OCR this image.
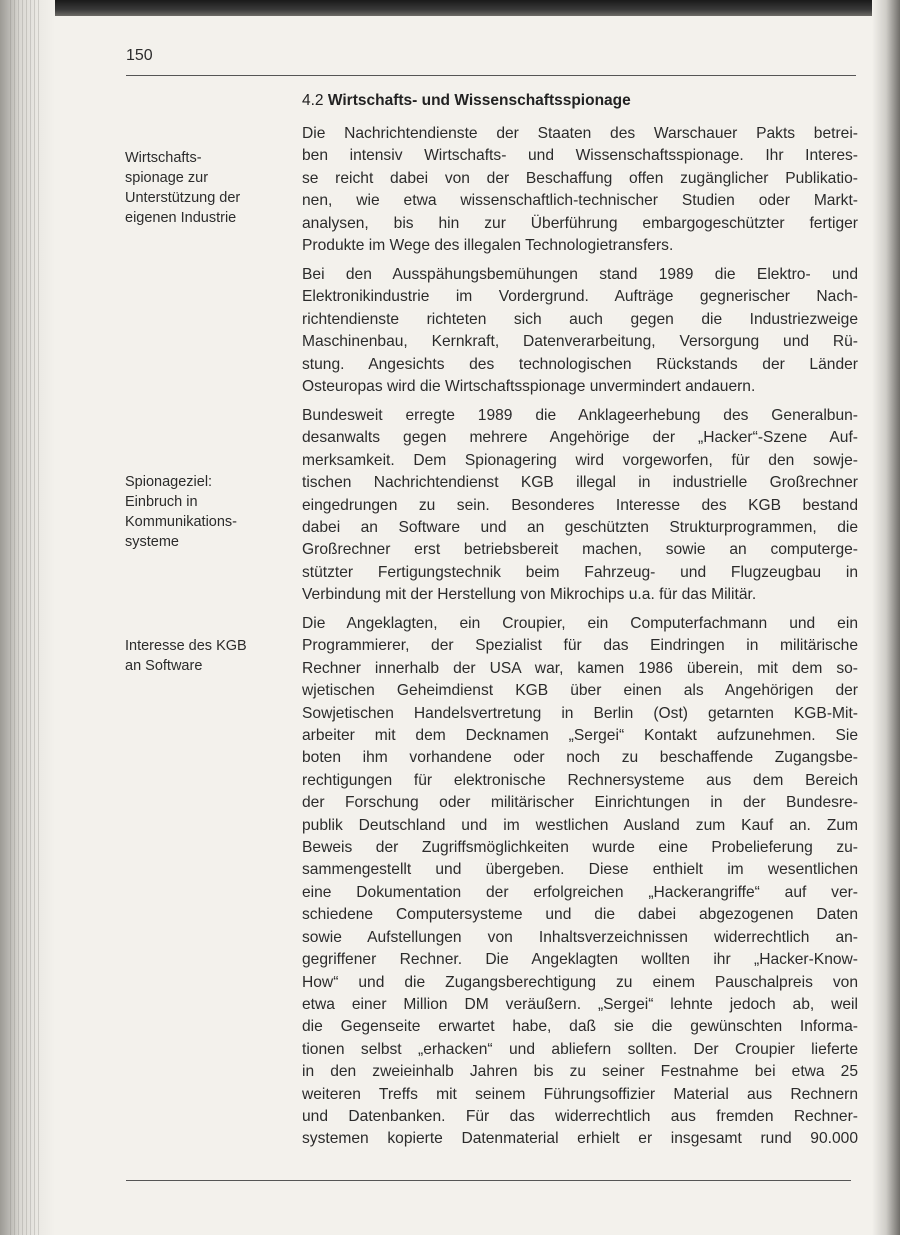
150
4.2 Wirtschafts- und Wissenschaftsspionage
Wirtschafts-
spionage zur
Unterstützung der
eigenen Industrie
Spionageziel:
Einbruch in
Kommunikations-
systeme
Interesse des KGB
an Software
Die Nachrichtendienste der Staaten des Warschauer Pakts betrei-
ben intensiv Wirtschafts- und Wissenschaftsspionage. Ihr Interes-
se reicht dabei von der Beschaffung offen zugänglicher Publikatio-
nen, wie etwa wissenschaftlich-technischer Studien oder Markt-
analysen, bis hin zur Überführung embargogeschützter fertiger
Produkte im Wege des illegalen Technologietransfers.
Bei den Ausspähungsbemühungen stand 1989 die Elektro- und
Elektronikindustrie im Vordergrund. Aufträge gegnerischer Nach-
richtendienste richteten sich auch gegen die Industriezweige
Maschinenbau, Kernkraft, Datenverarbeitung, Versorgung und Rü-
stung. Angesichts des technologischen Rückstands der Länder
Osteuropas wird die Wirtschaftsspionage unvermindert andauern.
Bundesweit erregte 1989 die Anklageerhebung des Generalbun-
desanwalts gegen mehrere Angehörige der „Hacker“-Szene Auf-
merksamkeit. Dem Spionagering wird vorgeworfen, für den sowje-
tischen Nachrichtendienst KGB illegal in industrielle Großrechner
eingedrungen zu sein. Besonderes Interesse des KGB bestand
dabei an Software und an geschützten Strukturprogrammen, die
Großrechner erst betriebsbereit machen, sowie an computerge-
stützter Fertigungstechnik beim Fahrzeug- und Flugzeugbau in
Verbindung mit der Herstellung von Mikrochips u.a. für das Militär.
Die Angeklagten, ein Croupier, ein Computerfachmann und ein
Programmierer, der Spezialist für das Eindringen in militärische
Rechner innerhalb der USA war, kamen 1986 überein, mit dem so-
wjetischen Geheimdienst KGB über einen als Angehörigen der
Sowjetischen Handelsvertretung in Berlin (Ost) getarnten KGB-Mit-
arbeiter mit dem Decknamen „Sergei“ Kontakt aufzunehmen. Sie
boten ihm vorhandene oder noch zu beschaffende Zugangsbe-
rechtigungen für elektronische Rechnersysteme aus dem Bereich
der Forschung oder militärischer Einrichtungen in der Bundesre-
publik Deutschland und im westlichen Ausland zum Kauf an. Zum
Beweis der Zugriffsmöglichkeiten wurde eine Probelieferung zu-
sammengestellt und übergeben. Diese enthielt im wesentlichen
eine Dokumentation der erfolgreichen „Hackerangriffe“ auf ver-
schiedene Computersysteme und die dabei abgezogenen Daten
sowie Aufstellungen von Inhaltsverzeichnissen widerrechtlich an-
gegriffener Rechner. Die Angeklagten wollten ihr „Hacker-Know-
How“ und die Zugangsberechtigung zu einem Pauschalpreis von
etwa einer Million DM veräußern. „Sergei“ lehnte jedoch ab, weil
die Gegenseite erwartet habe, daß sie die gewünschten Informa-
tionen selbst „erhacken“ und abliefern sollten. Der Croupier lieferte
in den zweieinhalb Jahren bis zu seiner Festnahme bei etwa 25
weiteren Treffs mit seinem Führungsoffizier Material aus Rechnern
und Datenbanken. Für das widerrechtlich aus fremden Rechner-
systemen kopierte Datenmaterial erhielt er insgesamt rund 90.000
